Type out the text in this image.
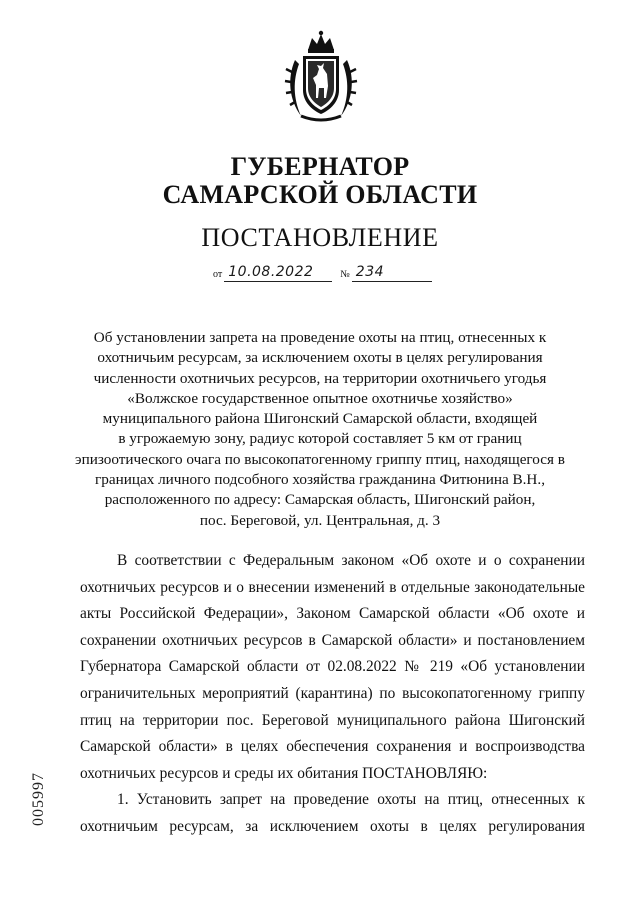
ГУБЕРНАТОР
САМАРСКОЙ ОБЛАСТИ
ПОСТАНОВЛЕНИЕ
от 10.08.2022	№ 234
Об установлении запрета на проведение охоты на птиц, отнесенных к
охотничьим ресурсам, за исключением охоты в целях регулирования
численности охотничьих ресурсов, на территории охотничьего угодья
«Волжское государственное опытное охотничье хозяйство»
муниципального района Шигонский Самарской области, входящей
в угрожаемую зону, радиус которой составляет 5 км от границ
эпизоотического очага по высокопатогенному гриппу птиц, находящегося в
границах личного подсобного хозяйства гражданина Фитюнина В.Н.,
расположенного по адресу: Самарская область, Шигонский район,
пос. Береговой, ул. Центральная, д. 3

В соответствии с Федеральным законом «Об охоте и о сохранении охотничьих ресурсов и о внесении изменений в отдельные законодательные акты Российской Федерации», Законом Самарской области «Об охоте и сохранении охотничьих ресурсов в Самарской области» и постановлением Губернатора Самарской области от 02.08.2022 № 219 «Об установлении ограничительных мероприятий (карантина) по высокопатогенному гриппу птиц на территории пос. Береговой муниципального района Шигонский Самарской области» в целях обеспечения сохранения и воспроизводства охотничьих ресурсов и среды их обитания ПОСТАНОВЛЯЮ:

1. Установить запрет на проведение охоты на птиц, отнесенных к охотничьим ресурсам, за исключением охоты в целях регулирования

005997
